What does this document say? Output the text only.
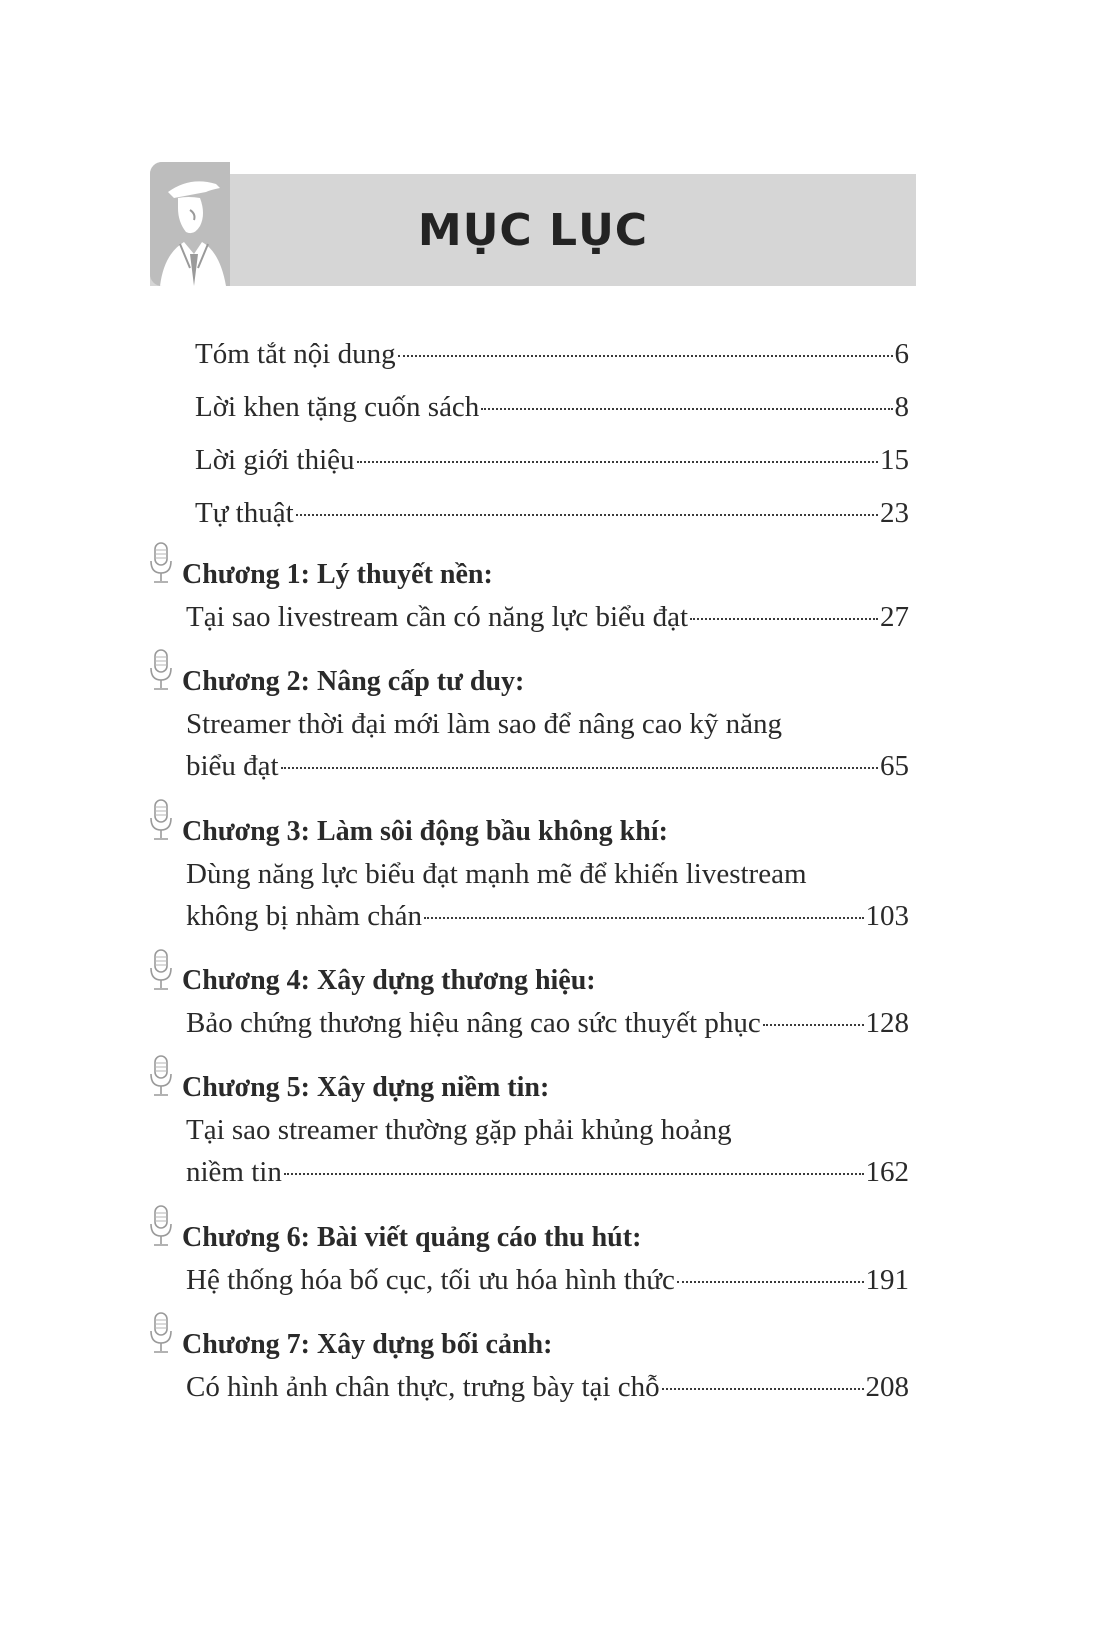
MỤC LỤC
Tóm tắt nội dung	6
Lời khen tặng cuốn sách	8
Lời giới thiệu	15
Tự thuật	23
Chương 1: Lý thuyết nền:
Tại sao livestream cần có năng lực biểu đạt	27
Chương 2: Nâng cấp tư duy:
Streamer thời đại mới làm sao để nâng cao kỹ năng
biểu đạt	65
Chương 3: Làm sôi động bầu không khí:
Dùng năng lực biểu đạt mạnh mẽ để khiến livestream
không bị nhàm chán	103
Chương 4: Xây dựng thương hiệu:
Bảo chứng thương hiệu nâng cao sức thuyết phục	128
Chương 5: Xây dựng niềm tin:
Tại sao streamer thường gặp phải khủng hoảng
niềm tin	162
Chương 6: Bài viết quảng cáo thu hút:
Hệ thống hóa bố cục, tối ưu hóa hình thức	191
Chương 7: Xây dựng bối cảnh:
Có hình ảnh chân thực, trưng bày tại chỗ	208
